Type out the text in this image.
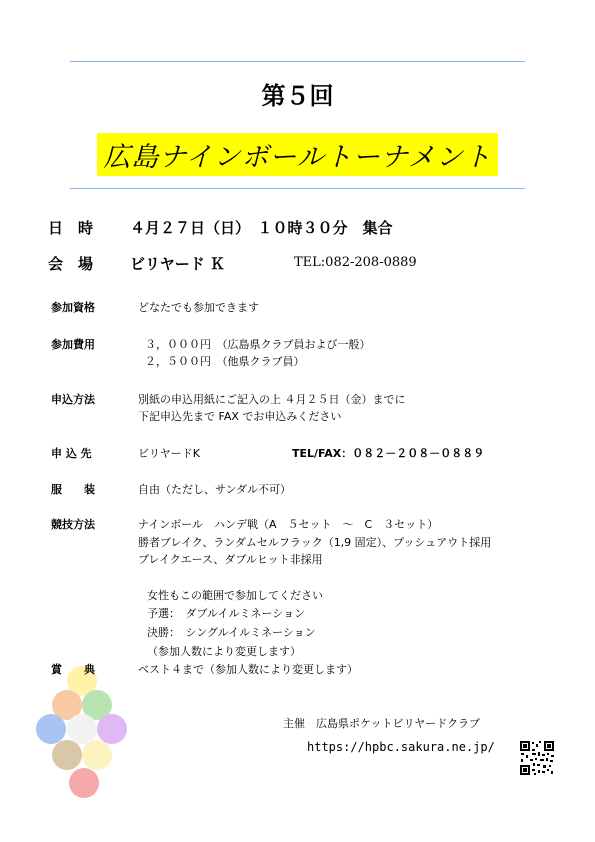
第５回
広島ナインボールトーナメント
日　時 ４月２７日（日）　１０時３０分　集合
会　場 ビリヤード Ｋ	TEL:082-208-0889
参加資格	どなたでも参加できます
参加費用	３，０００円　（広島県クラブ員および一般）
２，５００円　（他県クラブ員）
申込方法	別紙の申込用紙にご記入の上 ４月２５日（金）までに
下記申込先まで FAX でお申込みください
申 込 先	ビリヤードK	TEL/FAX：０８２－２０８－０８８９
服　　装	自由（ただし、サンダル不可）
競技方法	ナインボール　ハンデ戦（A　５セット　～　C　３セット）
勝者ブレイク、ランダムセルフラック（1,9 固定）、プッシュアウト採用
ブレイクエース、ダブルヒット非採用
女性もこの範囲で参加してください
予選：　ダブルイルミネーション
決勝：　シングルイルミネーション
（参加人数により変更します）
賞　　典	ベスト４まで（参加人数により変更します）
主催　広島県ポケットビリヤードクラブ
https://hpbc.sakura.ne.jp/
